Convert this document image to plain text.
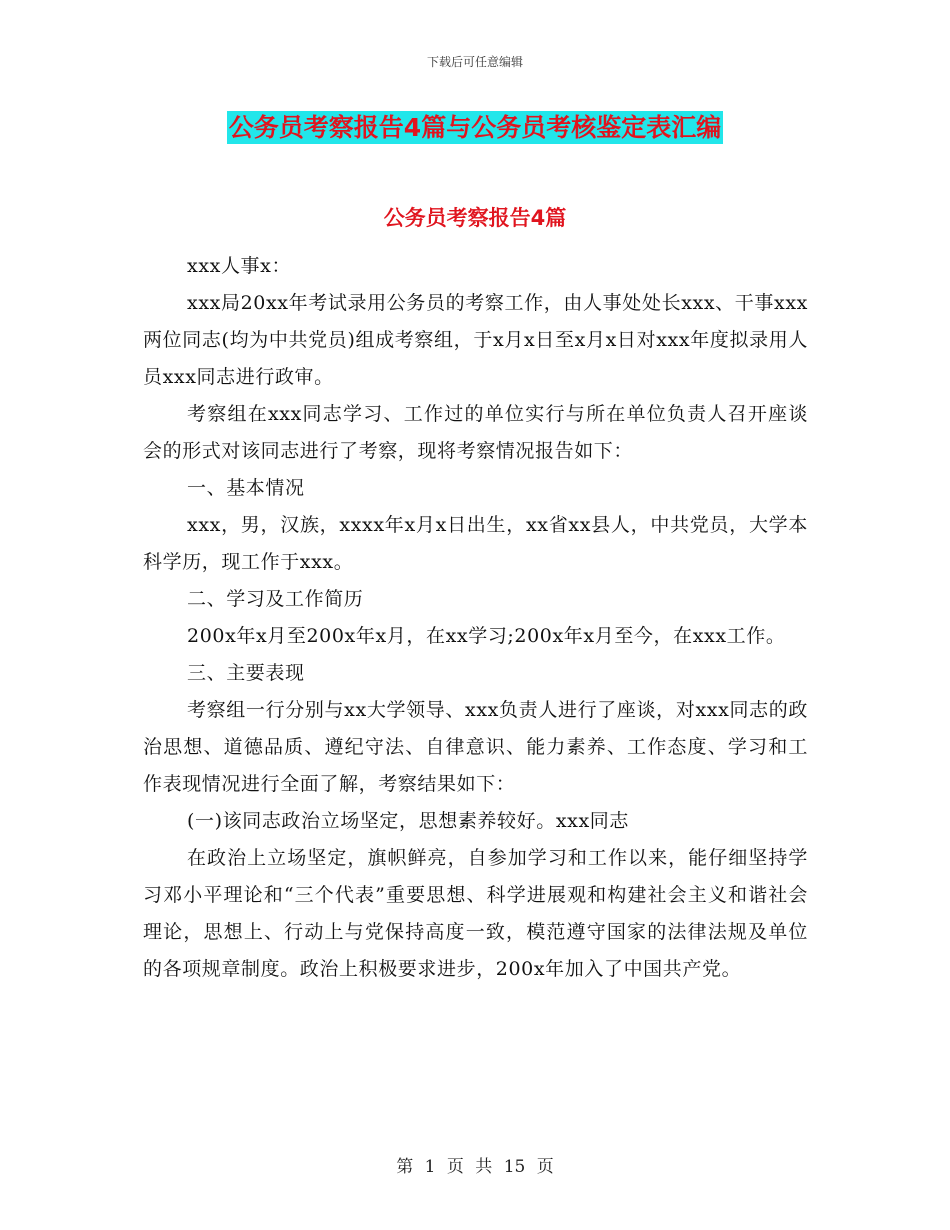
下载后可任意编辑
公务员考察报告4篇与公务员考核鉴定表汇编
公务员考察报告4篇

xxx人事x：

xxx局20xx年考试录用公务员的考察工作，由人事处处长xxx、干事xxx两位同志(均为中共党员)组成考察组，于x月x日至x月x日对xxx年度拟录用人员xxx同志进行政审。

考察组在xxx同志学习、工作过的单位实行与所在单位负责人召开座谈会的形式对该同志进行了考察，现将考察情况报告如下：

一、基本情况

xxx，男，汉族，xxxx年x月x日出生，xx省xx县人，中共党员，大学本科学历，现工作于xxx。

二、学习及工作简历

200x年x月至200x年x月，在xx学习;200x年x月至今，在xxx工作。

三、主要表现

考察组一行分别与xx大学领导、xxx负责人进行了座谈，对xxx同志的政治思想、道德品质、遵纪守法、自律意识、能力素养、工作态度、学习和工作表现情况进行全面了解，考察结果如下：

(一)该同志政治立场坚定，思想素养较好。xxx同志

在政治上立场坚定，旗帜鲜亮，自参加学习和工作以来，能仔细坚持学习邓小平理论和“三个代表”重要思想、科学进展观和构建社会主义和谐社会理论，思想上、行动上与党保持高度一致，模范遵守国家的法律法规及单位的各项规章制度。政治上积极要求进步，200x年加入了中国共产党。

第 1 页 共 15 页
